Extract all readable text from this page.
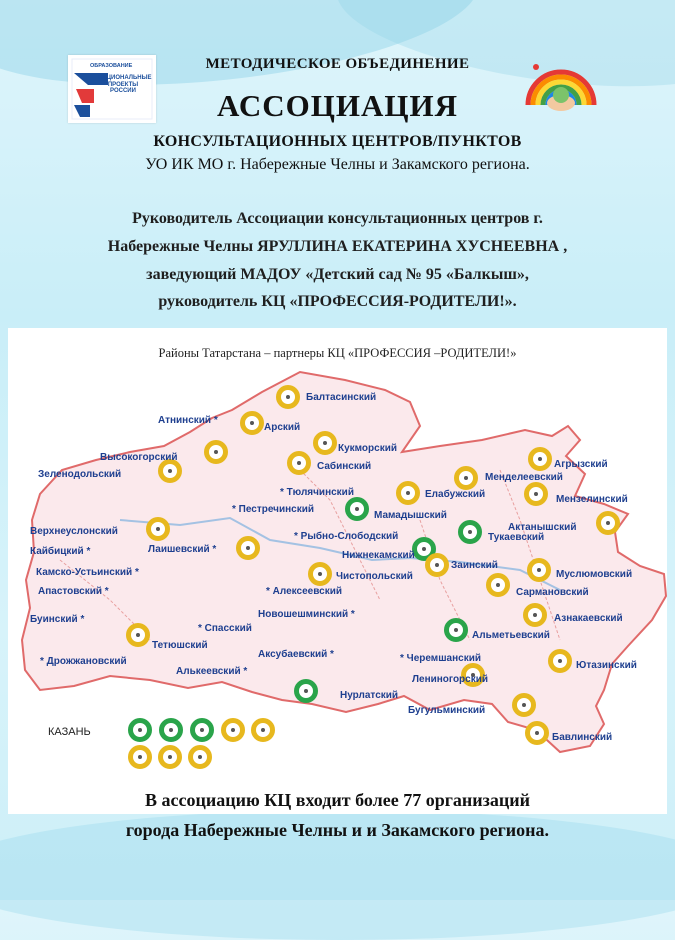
ОБРАЗОВАНИЕ
НАЦИОНАЛЬНЫЕ ПРОЕКТЫ РОССИИ
МЕТОДИЧЕСКОЕ ОБЪЕДИНЕНИЕ
АССОЦИАЦИЯ
КОНСУЛЬТАЦИОННЫХ ЦЕНТРОВ/ПУНКТОВ
УО ИК МО г. Набережные Челны и Закамского региона.
Руководитель Ассоциации консультационных центров г.
Набережные Челны ЯРУЛЛИНА ЕКАТЕРИНА ХУСНЕЕВНА ,
заведующий МАДОУ «Детский сад № 95 «Балкыш»,
руководитель КЦ «ПРОФЕССИЯ-РОДИТЕЛИ!».
Районы Татарстана – партнеры КЦ «ПРОФЕССИЯ –РОДИТЕЛИ!»
Балтасинский
Атнинский *
Арский
Кукморский
Высокогорский
Сабинский
Зеленодольский
* Тюлячинский
* Пестречинский
Мамадышский
Елабужский
Менделеевский
Агрызский
Мензелинский
Актанышский
Верхнеуслонский
Кайбицкий *	Лаишевский *
* Рыбно-Слободский	Тукаевский
Нижнекамский
Заинский
Камско-Устьинский *	Чистопольский	Муслюмовский
Апастовский *	* Алексеевский	Сармановский
Новошешминский *
Буинский *	Азнакаевский
Тетюшский
* Спасский
Альметьевский
* Дрожжановский
Аксубаевский *	* Черемшанский
Ютазинский
Алькеевский *
Лениногорский
Нурлатский
Бугульминский
Бавлинский
КАЗАНЬ
В ассоциацию КЦ входит более 77 организаций
города Набережные Челны и и Закамского региона.
